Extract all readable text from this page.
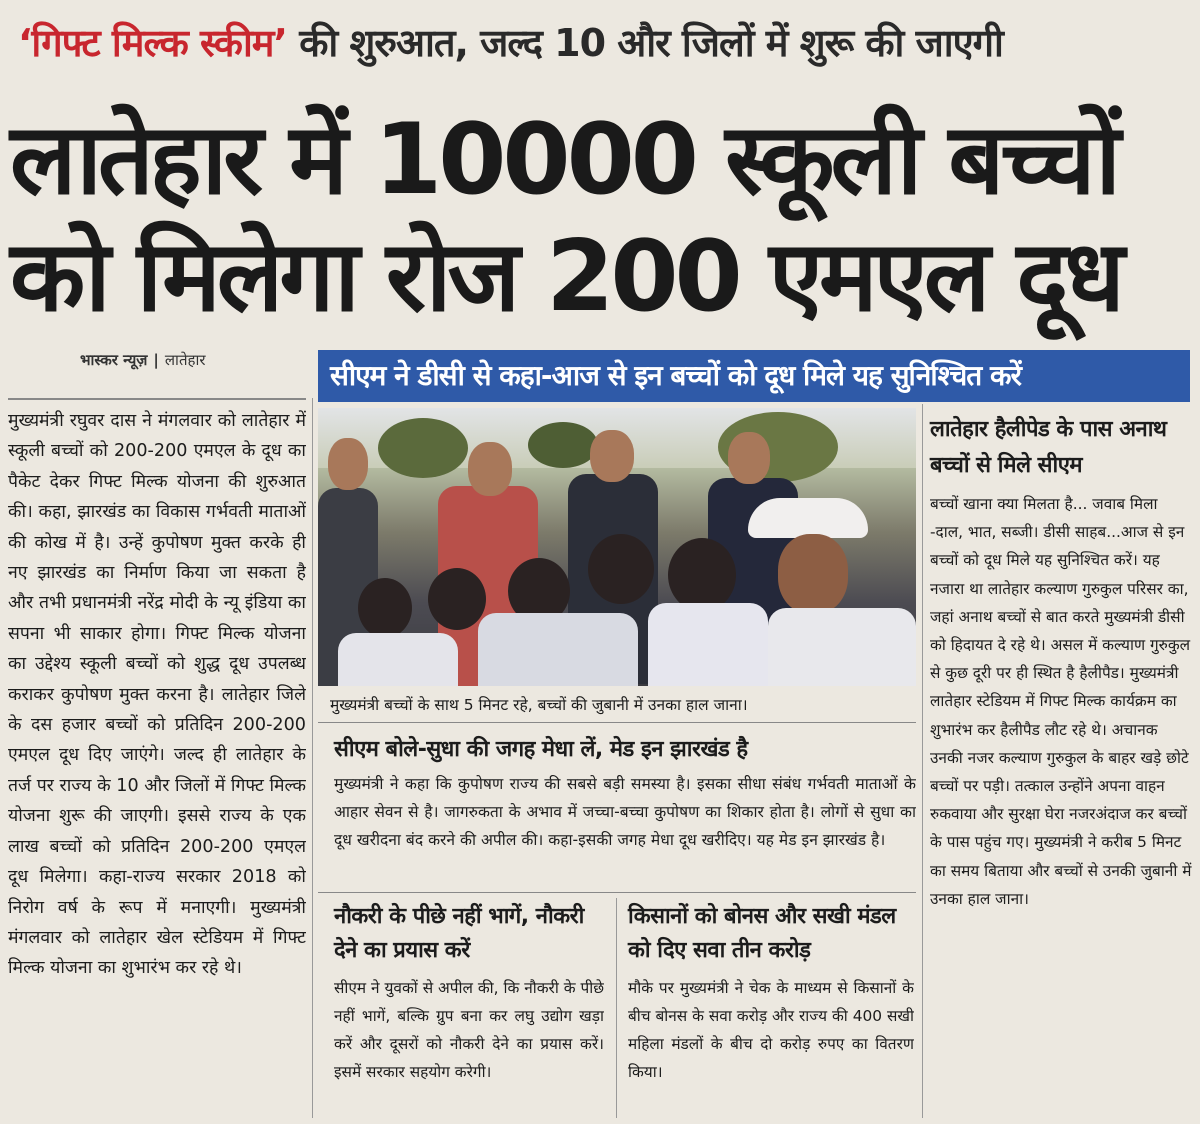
‘गिफ्ट मिल्क स्कीम’ की शुरुआत, जल्द 10 और जिलों में शुरू की जाएगी
लातेहार में 10000 स्कूली बच्चों
को मिलेगा रोज 200 एमएल दूध
भास्कर न्यूज़ | लातेहार	सीएम ने डीसी से कहा-आज से इन बच्चों को दूध मिले यह सुनिश्चित करें
मुख्यमंत्री रघुवर दास ने मंगलवार को लातेहार में स्कूली बच्चों को 200-200 एमएल के दूध का पैकेट देकर गिफ्ट मिल्क योजना की शुरुआत की। कहा, झारखंड का विकास गर्भवती माताओं की कोख में है। उन्हें कुपोषण मुक्त करके ही नए झारखंड का निर्माण किया जा सकता है और तभी प्रधानमंत्री नरेंद्र मोदी के न्यू इंडिया का सपना भी साकार होगा। गिफ्ट मिल्क योजना का उद्देश्य स्कूली बच्चों को शुद्ध दूध उपलब्ध कराकर कुपोषण मुक्त करना है। लातेहार जिले के दस हजार बच्चों को प्रतिदिन 200-200 एमएल दूध दिए जाएंगे। जल्द ही लातेहार के तर्ज पर राज्य के 10 और जिलों में गिफ्ट मिल्क योजना शुरू की जाएगी। इससे राज्य के एक लाख बच्चों को प्रतिदिन 200-200 एमएल दूध मिलेगा। कहा-राज्य सरकार 2018 को निरोग वर्ष के रूप में मनाएगी। मुख्यमंत्री मंगलवार को लातेहार खेल स्टेडियम में गिफ्ट मिल्क योजना का शुभारंभ कर रहे थे।
मुख्यमंत्री बच्चों के साथ 5 मिनट रहे, बच्चों की जुबानी में उनका हाल जाना।
सीएम बोले-सुधा की जगह मेधा लें, मेड इन झारखंड है
मुख्यमंत्री ने कहा कि कुपोषण राज्य की सबसे बड़ी समस्या है। इसका सीधा संबंध गर्भवती माताओं के आहार सेवन से है। जागरुकता के अभाव में जच्चा-बच्चा कुपोषण का शिकार होता है। लोगों से सुधा का दूध खरीदना बंद करने की अपील की। कहा-इसकी जगह मेधा दूध खरीदिए। यह मेड इन झारखंड है।
नौकरी के पीछे नहीं भागें, नौकरी देने का प्रयास करें
सीएम ने युवकों से अपील की, कि नौकरी के पीछे नहीं भागें, बल्कि ग्रुप बना कर लघु उद्योग खड़ा करें और दूसरों को नौकरी देने का प्रयास करें। इसमें सरकार सहयोग करेगी।
किसानों को बोनस और सखी मंडल को दिए सवा तीन करोड़
मौके पर मुख्यमंत्री ने चेक के माध्यम से किसानों के बीच बोनस के सवा करोड़ और राज्य की 400 सखी महिला मंडलों के बीच दो करोड़ रुपए का वितरण किया।
लातेहार हैलीपेड के पास अनाथ बच्चों से मिले सीएम
बच्चों खाना क्या मिलता है... जवाब मिला -दाल, भात, सब्जी। डीसी साहब...आज से इन बच्चों को दूध मिले यह सुनिश्चित करें। यह नजारा था लातेहार कल्याण गुरुकुल परिसर का, जहां अनाथ बच्चों से बात करते मुख्यमंत्री डीसी को हिदायत दे रहे थे। असल में कल्याण गुरुकुल से कुछ दूरी पर ही स्थित है हैलीपैड। मुख्यमंत्री लातेहार स्टेडियम में गिफ्ट मिल्क कार्यक्रम का शुभारंभ कर हैलीपैड लौट रहे थे। अचानक उनकी नजर कल्याण गुरुकुल के बाहर खड़े छोटे बच्चों पर पड़ी। तत्काल उन्होंने अपना वाहन रुकवाया और सुरक्षा घेरा नजरअंदाज कर बच्चों के पास पहुंच गए। मुख्यमंत्री ने करीब 5 मिनट का समय बिताया और बच्चों से उनकी जुबानी में उनका हाल जाना।
